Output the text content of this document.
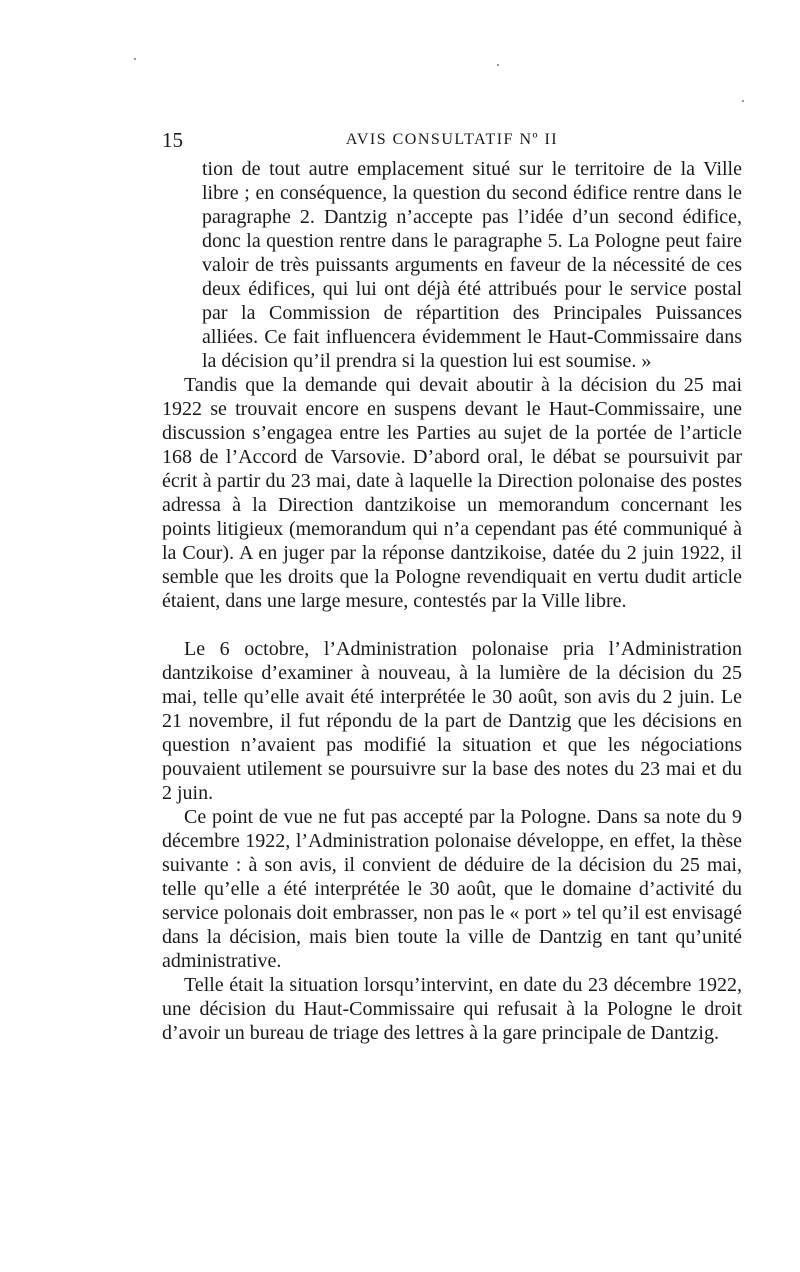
15	AVIS CONSULTATIF Nº II

tion de tout autre emplacement situé sur le territoire de la Ville libre ; en conséquence, la question du second édifice rentre dans le paragraphe 2. Dantzig n’accepte pas l’idée d’un second édifice, donc la question rentre dans le paragraphe 5. La Pologne peut faire valoir de très puissants arguments en faveur de la nécessité de ces deux édifices, qui lui ont déjà été attribués pour le service postal par la Commission de répartition des Principales Puissances alliées. Ce fait influencera évidemment le Haut-Commissaire dans la décision qu’il prendra si la question lui est soumise. »

Tandis que la demande qui devait aboutir à la décision du 25 mai 1922 se trouvait encore en suspens devant le Haut-Commissaire, une discussion s’engagea entre les Parties au sujet de la portée de l’article 168 de l’Accord de Varsovie. D’abord oral, le débat se poursuivit par écrit à partir du 23 mai, date à laquelle la Direction polonaise des postes adressa à la Direction dantzikoise un memorandum concernant les points litigieux (memorandum qui n’a cependant pas été communiqué à la Cour). A en juger par la réponse dantzikoise, datée du 2 juin 1922, il semble que les droits que la Pologne revendiquait en vertu dudit article étaient, dans une large mesure, contestés par la Ville libre.

Le 6 octobre, l’Administration polonaise pria l’Administration dantzikoise d’examiner à nouveau, à la lumière de la décision du 25 mai, telle qu’elle avait été interprétée le 30 août, son avis du 2 juin. Le 21 novembre, il fut répondu de la part de Dantzig que les décisions en question n’avaient pas modifié la situation et que les négociations pouvaient utilement se poursuivre sur la base des notes du 23 mai et du 2 juin.

Ce point de vue ne fut pas accepté par la Pologne. Dans sa note du 9 décembre 1922, l’Administration polonaise développe, en effet, la thèse suivante : à son avis, il convient de déduire de la décision du 25 mai, telle qu’elle a été interprétée le 30 août, que le domaine d’activité du service polonais doit embrasser, non pas le « port » tel qu’il est envisagé dans la décision, mais bien toute la ville de Dantzig en tant qu’unité administrative.

Telle était la situation lorsqu’intervint, en date du 23 décembre 1922, une décision du Haut-Commissaire qui refusait à la Pologne le droit d’avoir un bureau de triage des lettres à la gare principale de Dantzig.
